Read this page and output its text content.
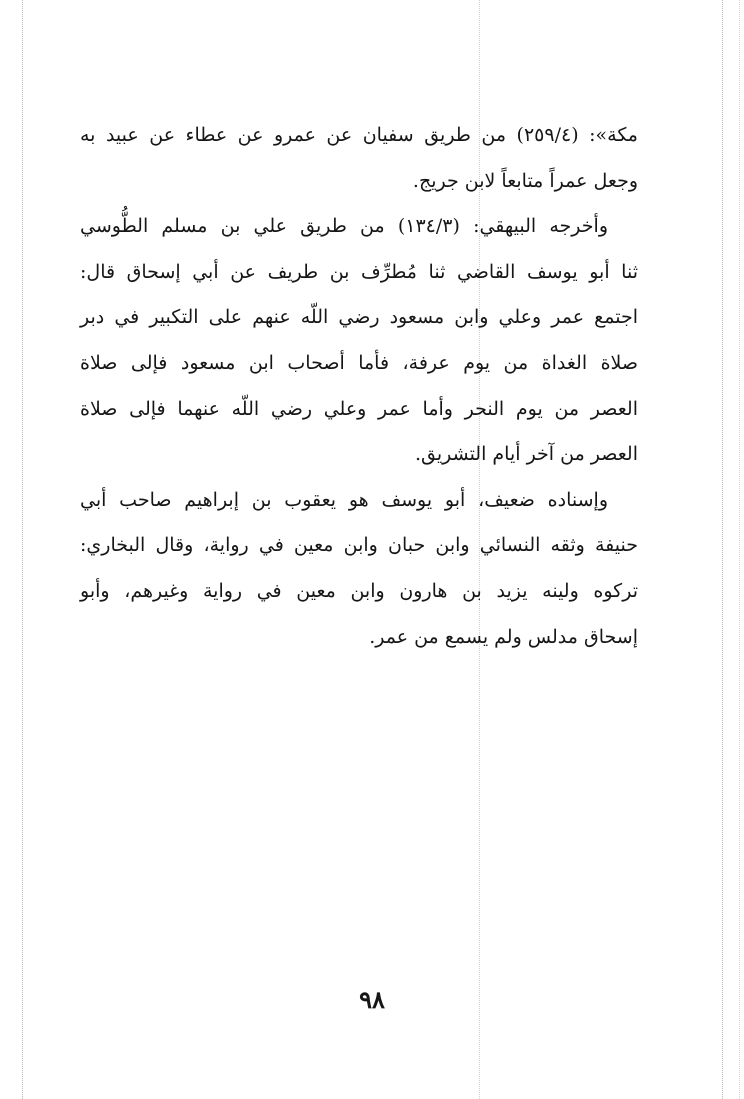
مكة»: (٢٥٩/٤) من طريق سفيان عن عمرو عن عطاء عن عبيد به
وجعل عمراً متابعاً لابن جريج.
وأخرجه البيهقي: (١٣٤/٣) من طريق علي بن مسلم الطُّوسي
ثنا أبو يوسف القاضي ثنا مُطرِّف بن طريف عن أبي إسحاق قال:
اجتمع عمر وعلي وابن مسعود رضي اللّه عنهم على التكبير في دبر
صلاة الغداة من يوم عرفة، فأما أصحاب ابن مسعود فإلى صلاة
العصر من يوم النحر وأما عمر وعلي رضي اللّه عنهما فإلى صلاة
العصر من آخر أيام التشريق.
وإسناده ضعيف، أبو يوسف هو يعقوب بن إبراهيم صاحب أبي
حنيفة وثقه النسائي وابن حبان وابن معين في رواية، وقال البخاري:
تركوه ولينه يزيد بن هارون وابن معين في رواية وغيرهم، وأبو
إسحاق مدلس ولم يسمع من عمر.
٩٨
